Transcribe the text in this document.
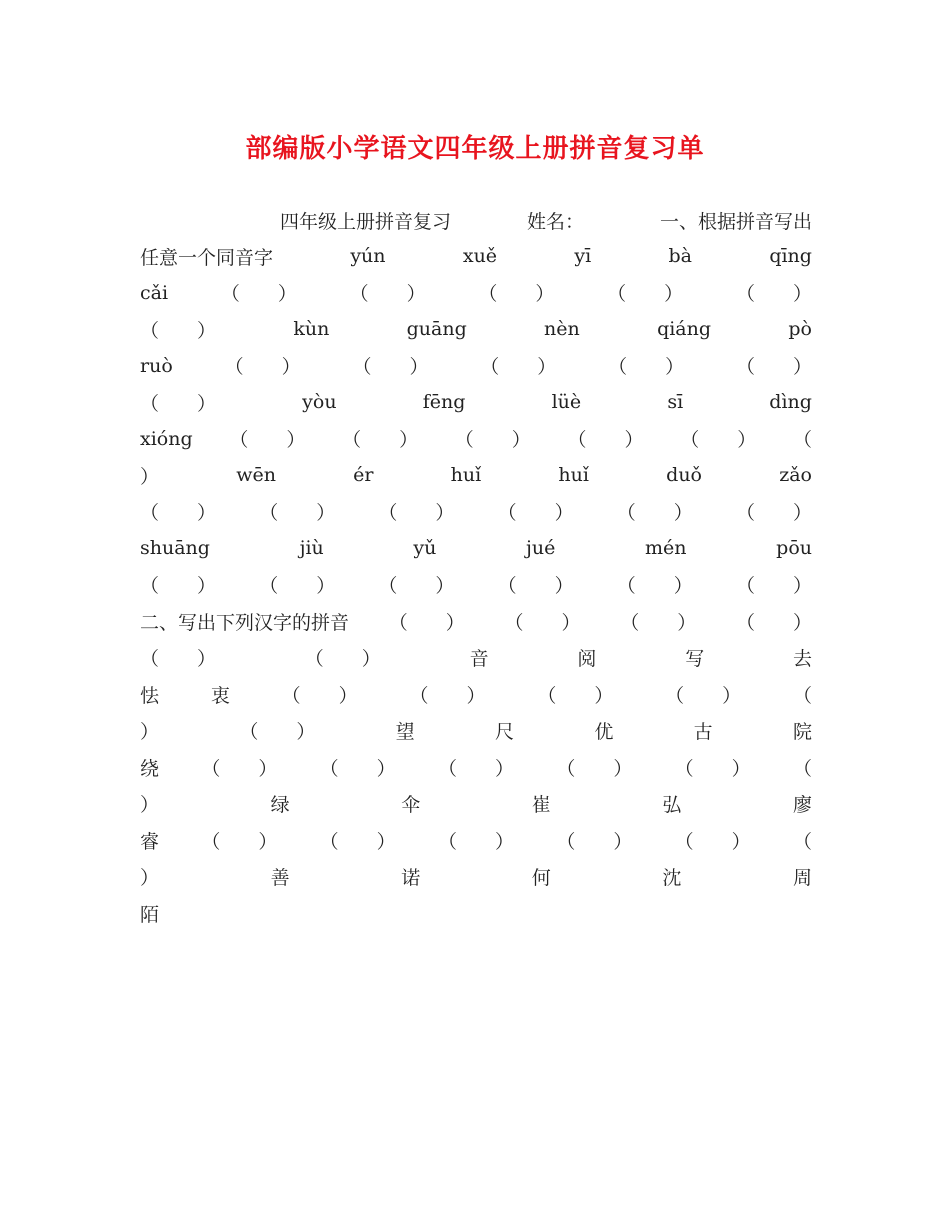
部编版小学语文四年级上册拼音复习单
四年级上册拼音复习	姓名：	一、根据拼音写出
任意一个同音字	yún	xuě	yī	bà	qīng
cǎi	（　　）	（　　）	（　　）	（　　）	（　　）
（　　）	kùn	guāng	nèn	qiáng	pò
ruò	（　　）	（　　）	（　　）	（　　）	（　　）
（　　）	yòu	fēng	lüè	sī	dìng
xióng （　　） （　　） （　　） （　　） （　　） （
）	wēn	ér	huǐ	huǐ	duǒ	zǎo
（　　） （　　） （　　） （　　） （　　） （　　）
shuāng	jiù	yǔ	jué	mén	pōu
（　　） （　　） （　　） （　　） （　　） （　　）
二、写出下列汉字的拼音 （　　） （　　） （　　） （　　）
（　　）	（　　）	音	阅	写	去
怯	衷	（　　）	（　　）	（　　）	（　　）	（
）	（　　）	望	尺	优	古	院
绕 （　　） （　　） （　　） （　　） （　　） （
）	绿	伞	崔	弘	廖
睿 （　　） （　　） （　　） （　　） （　　） （
）	善	诺	何	沈	周
陌
